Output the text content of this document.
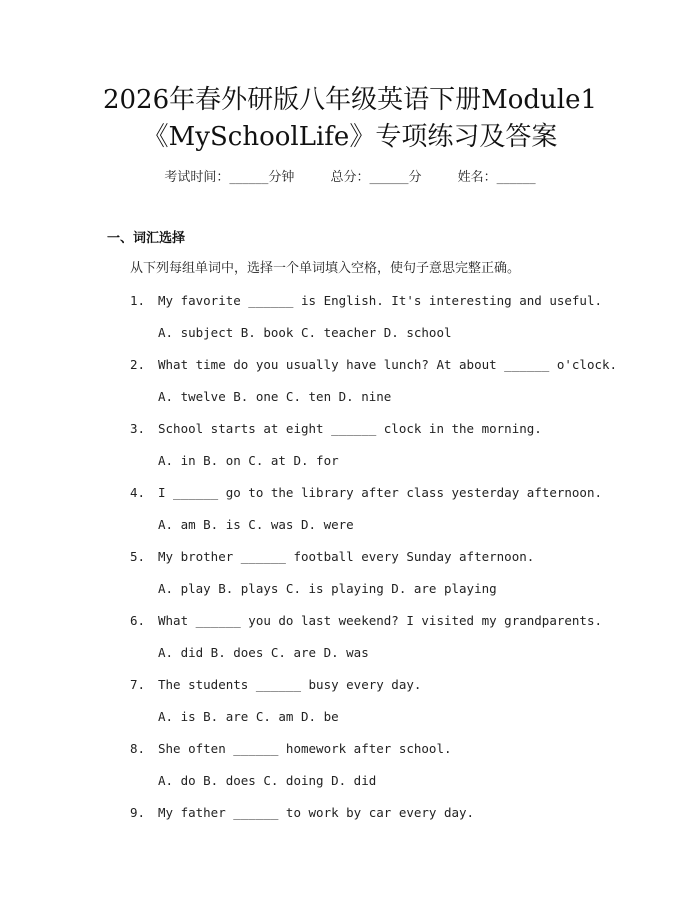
2026年春外研版八年级英语下册Module1
《MySchoolLife》专项练习及答案
考试时间：______分钟	总分：______分	姓名：______
一、词汇选择
从下列每组单词中，选择一个单词填入空格，使句子意思完整正确。
1. My favorite ______ is English. It's interesting and useful.
A. subject B. book C. teacher D. school
2. What time do you usually have lunch? At about ______ o'clock.
A. twelve B. one C. ten D. nine
3. School starts at eight ______ clock in the morning.
A. in B. on C. at D. for
4. I ______ go to the library after class yesterday afternoon.
A. am B. is C. was D. were
5. My brother ______ football every Sunday afternoon.
A. play B. plays C. is playing D. are playing
6. What ______ you do last weekend? I visited my grandparents.
A. did B. does C. are D. was
7. The students ______ busy every day.
A. is B. are C. am D. be
8. She often ______ homework after school.
A. do B. does C. doing D. did
9. My father ______ to work by car every day.
